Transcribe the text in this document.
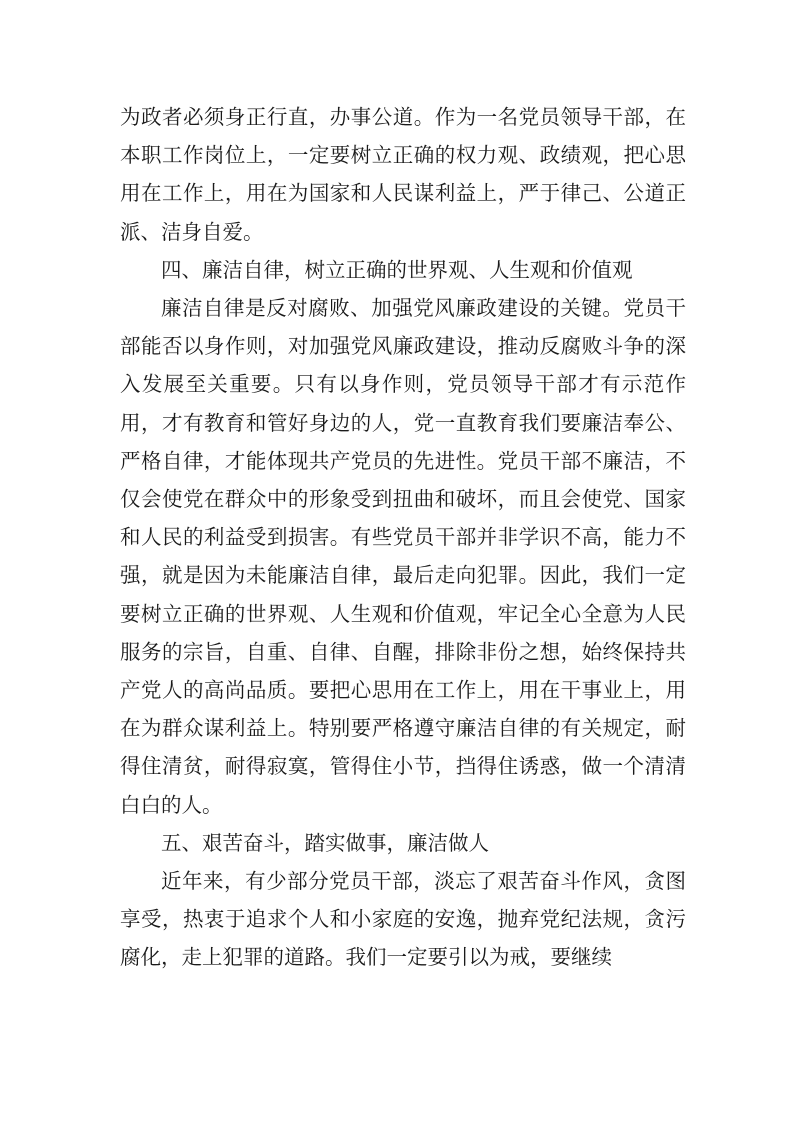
为政者必须身正行直，办事公道。作为一名党员领导干部，在本职工作岗位上，一定要树立正确的权力观、政绩观，把心思用在工作上，用在为国家和人民谋利益上，严于律己、公道正派、洁身自爱。

四、廉洁自律，树立正确的世界观、人生观和价值观

廉洁自律是反对腐败、加强党风廉政建设的关键。党员干部能否以身作则，对加强党风廉政建设，推动反腐败斗争的深入发展至关重要。只有以身作则，党员领导干部才有示范作用，才有教育和管好身边的人，党一直教育我们要廉洁奉公、严格自律，才能体现共产党员的先进性。党员干部不廉洁，不仅会使党在群众中的形象受到扭曲和破坏，而且会使党、国家和人民的利益受到损害。有些党员干部并非学识不高，能力不强，就是因为未能廉洁自律，最后走向犯罪。因此，我们一定要树立正确的世界观、人生观和价值观，牢记全心全意为人民服务的宗旨，自重、自律、自醒，排除非份之想，始终保持共产党人的高尚品质。要把心思用在工作上，用在干事业上，用在为群众谋利益上。特别要严格遵守廉洁自律的有关规定，耐得住清贫，耐得寂寞，管得住小节，挡得住诱惑，做一个清清白白的人。

五、艰苦奋斗，踏实做事，廉洁做人

近年来，有少部分党员干部，淡忘了艰苦奋斗作风，贪图享受，热衷于追求个人和小家庭的安逸，抛弃党纪法规，贪污腐化，走上犯罪的道路。我们一定要引以为戒，要继续
